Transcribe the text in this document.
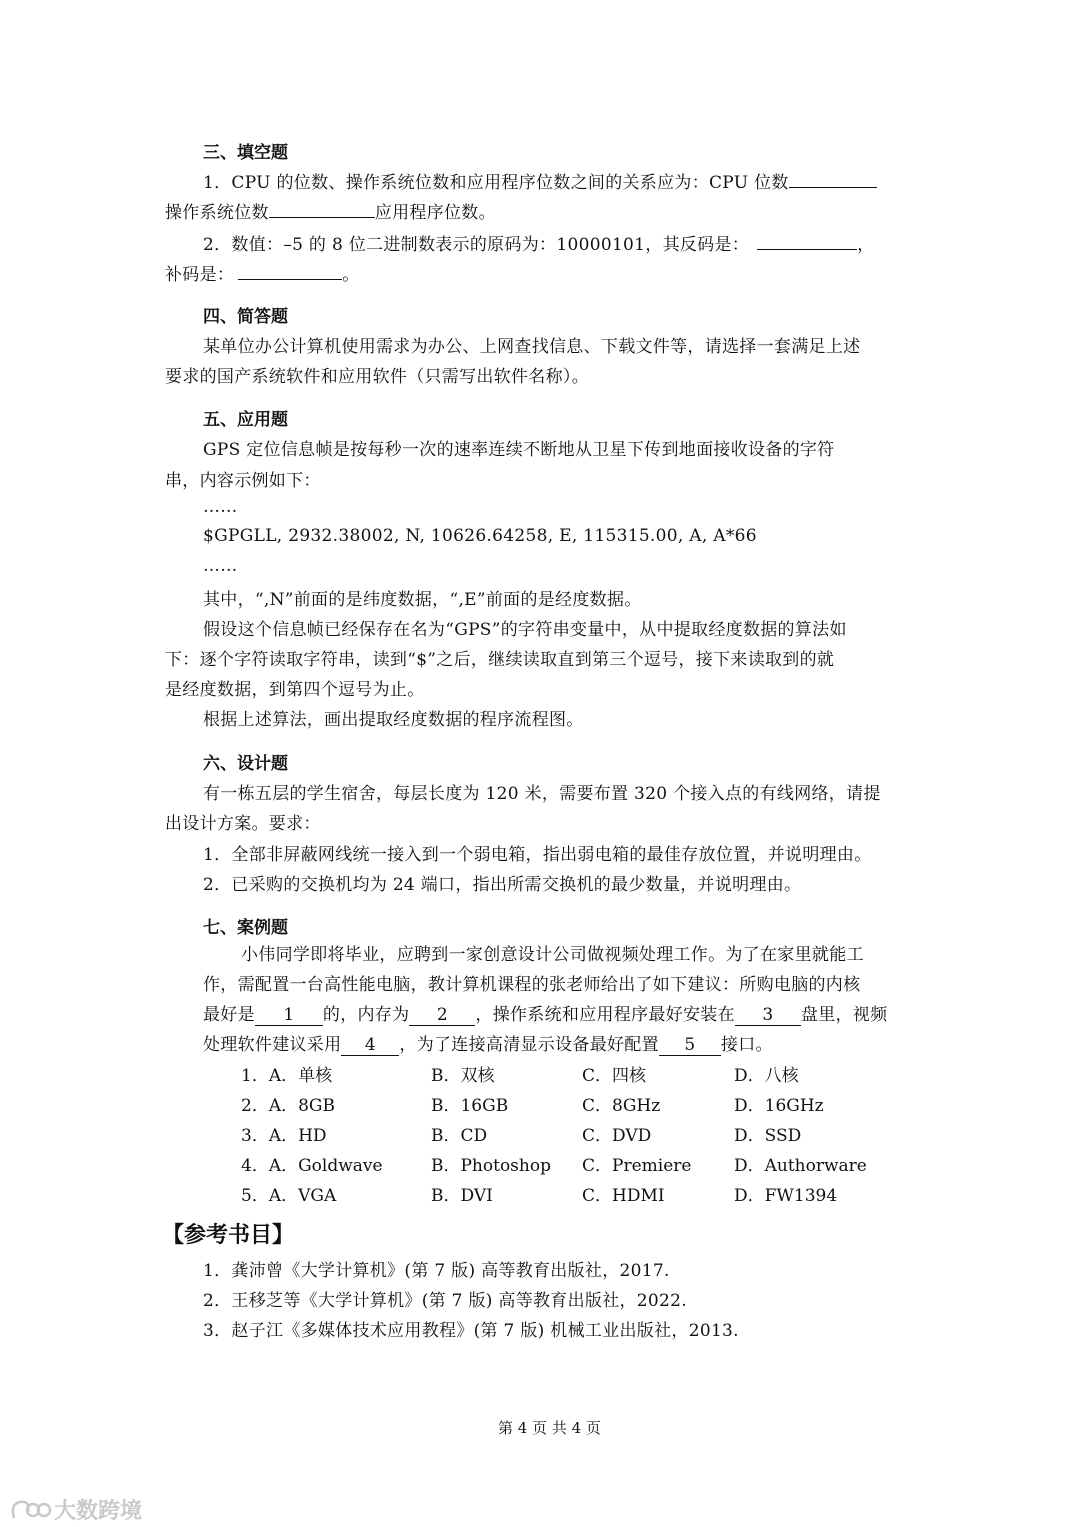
三、填空题
1．CPU 的位数、操作系统位数和应用程序位数之间的关系应为：CPU 位数
操作系统位数	应用程序位数。
2．数值：–5 的 8 位二进制数表示的原码为：10000101，其反码是：	，
补码是：	。
四、简答题
某单位办公计算机使用需求为办公、上网查找信息、下载文件等，请选择一套满足上述
要求的国产系统软件和应用软件（只需写出软件名称）。
五、应用题
GPS 定位信息帧是按每秒一次的速率连续不断地从卫星下传到地面接收设备的字符
串，内容示例如下：
……
$GPGLL, 2932.38002, N, 10626.64258, E, 115315.00, A, A*66
……
其中，“,N”前面的是纬度数据，“,E”前面的是经度数据。
假设这个信息帧已经保存在名为“GPS”的字符串变量中，从中提取经度数据的算法如
下：逐个字符读取字符串，读到“$”之后，继续读取直到第三个逗号，接下来读取到的就
是经度数据，到第四个逗号为止。
根据上述算法，画出提取经度数据的程序流程图。
六、设计题
有一栋五层的学生宿舍，每层长度为 120 米，需要布置 320 个接入点的有线网络，请提
出设计方案。要求：
1．全部非屏蔽网线统一接入到一个弱电箱，指出弱电箱的最佳存放位置，并说明理由。
2．已采购的交换机均为 24 端口，指出所需交换机的最少数量，并说明理由。
七、案例题
小伟同学即将毕业，应聘到一家创意设计公司做视频处理工作。为了在家里就能工
作，需配置一台高性能电脑，教计算机课程的张老师给出了如下建议：所购电脑的内核
最好是 1 的，内存为 2 ，操作系统和应用程序最好安装在 3 盘里，视频
处理软件建议采用 4 ，为了连接高清显示设备最好配置 5 接口。
1．A．单核	B．双核	C．四核	D．八核
2．A．8GB	B．16GB	C．8GHz	D．16GHz
3．A．HD	B．CD	C．DVD	D．SSD
4．A．Goldwave	B．Photoshop C．Premiere	D．Authorware
5．A．VGA	B．DVI	C．HDMI	D．FW1394
【参考书目】
1．龚沛曾《大学计算机》(第 7 版) 高等教育出版社，2017.
2．王移芝等《大学计算机》(第 7 版) 高等教育出版社，2022.
3．赵子江《多媒体技术应用教程》(第 7 版) 机械工业出版社，2013.
第 4 页 共 4 页
大数跨境
